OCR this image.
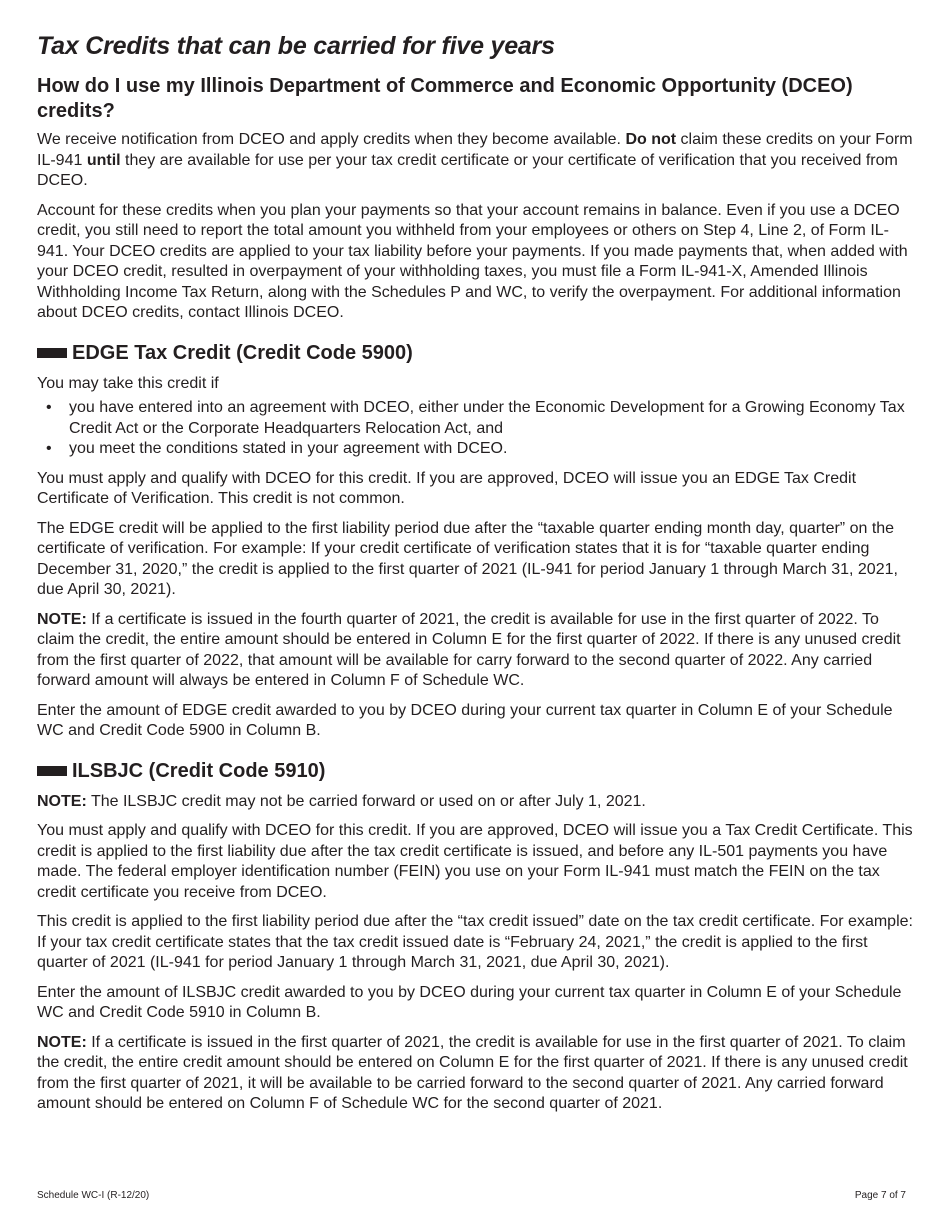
Tax Credits that can be carried for five years
How do I use my Illinois Department of Commerce and Economic Opportunity (DCEO) credits?

We receive notification from DCEO and apply credits when they become available. Do not claim these credits on your Form IL-941 until they are available for use per your tax credit certificate or your certificate of verification that you received from DCEO.

Account for these credits when you plan your payments so that your account remains in balance. Even if you use a DCEO credit, you still need to report the total amount you withheld from your employees or others on Step 4, Line 2, of Form IL-941. Your DCEO credits are applied to your tax liability before your payments. If you made payments that, when added with your DCEO credit, resulted in overpayment of your withholding taxes, you must file a Form IL-941-X, Amended Illinois Withholding Income Tax Return, along with the Schedules P and WC, to verify the overpayment. For additional information about DCEO credits, contact Illinois DCEO.

EDGE Tax Credit (Credit Code 5900)

You may take this credit if

• you have entered into an agreement with DCEO, either under the Economic Development for a Growing Economy Tax Credit Act or the Corporate Headquarters Relocation Act, and
• you meet the conditions stated in your agreement with DCEO.

You must apply and qualify with DCEO for this credit. If you are approved, DCEO will issue you an EDGE Tax Credit Certificate of Verification. This credit is not common.

The EDGE credit will be applied to the first liability period due after the “taxable quarter ending month day, quarter” on the certificate of verification. For example: If your credit certificate of verification states that it is for “taxable quarter ending December 31, 2020,” the credit is applied to the first quarter of 2021 (IL-941 for period January 1 through March 31, 2021, due April 30, 2021).

NOTE: If a certificate is issued in the fourth quarter of 2021, the credit is available for use in the first quarter of 2022. To claim the credit, the entire amount should be entered in Column E for the first quarter of 2022. If there is any unused credit from the first quarter of 2022, that amount will be available for carry forward to the second quarter of 2022. Any carried forward amount will always be entered in Column F of Schedule WC.

Enter the amount of EDGE credit awarded to you by DCEO during your current tax quarter in Column E of your Schedule WC and Credit Code 5900 in Column B.

ILSBJC (Credit Code 5910)

NOTE: The ILSBJC credit may not be carried forward or used on or after July 1, 2021.

You must apply and qualify with DCEO for this credit. If you are approved, DCEO will issue you a Tax Credit Certificate. This credit is applied to the first liability due after the tax credit certificate is issued, and before any IL-501 payments you have made. The federal employer identification number (FEIN) you use on your Form IL-941 must match the FEIN on the tax credit certificate you receive from DCEO.

This credit is applied to the first liability period due after the “tax credit issued” date on the tax credit certificate. For example: If your tax credit certificate states that the tax credit issued date is “February 24, 2021,” the credit is applied to the first quarter of 2021 (IL-941 for period January 1 through March 31, 2021, due April 30, 2021).

Enter the amount of ILSBJC credit awarded to you by DCEO during your current tax quarter in Column E of your Schedule WC and Credit Code 5910 in Column B.

NOTE: If a certificate is issued in the first quarter of 2021, the credit is available for use in the first quarter of 2021. To claim the credit, the entire credit amount should be entered on Column E for the first quarter of 2021. If there is any unused credit from the first quarter of 2021, it will be available to be carried forward to the second quarter of 2021. Any carried forward amount should be entered on Column F of Schedule WC for the second quarter of 2021.

Schedule WC-I (R-12/20)	Page 7 of 7
